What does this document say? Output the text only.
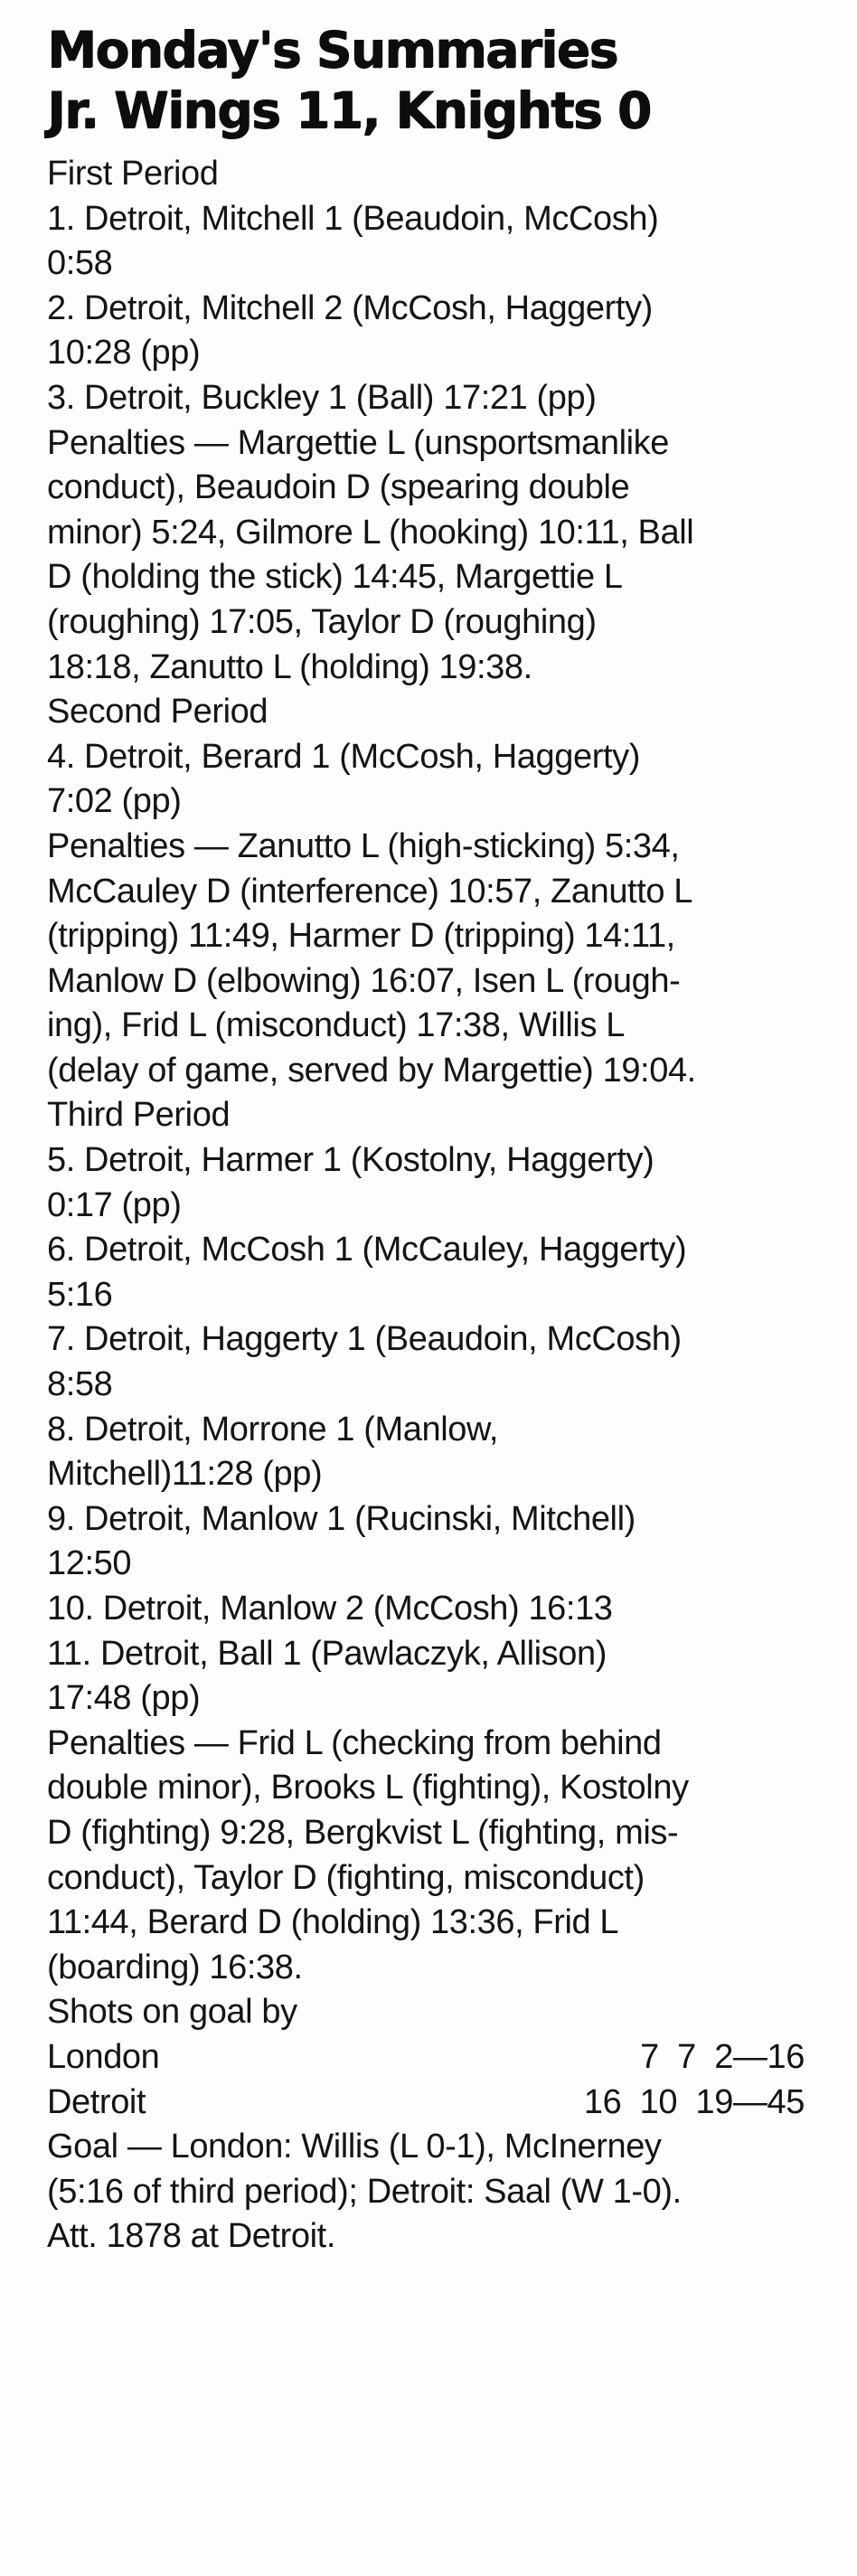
Monday's Summaries
Jr. Wings 11, Knights 0
First Period
1. Detroit, Mitchell 1 (Beaudoin, McCosh)
0:58
2. Detroit, Mitchell 2 (McCosh, Haggerty)
10:28 (pp)
3. Detroit, Buckley 1 (Ball) 17:21 (pp)
Penalties — Margettie L (unsportsmanlike
conduct), Beaudoin D (spearing double
minor) 5:24, Gilmore L (hooking) 10:11, Ball
D (holding the stick) 14:45, Margettie L
(roughing) 17:05, Taylor D (roughing)
18:18, Zanutto L (holding) 19:38.
Second Period
4. Detroit, Berard 1 (McCosh, Haggerty)
7:02 (pp)
Penalties — Zanutto L (high-sticking) 5:34,
McCauley D (interference) 10:57, Zanutto L
(tripping) 11:49, Harmer D (tripping) 14:11,
Manlow D (elbowing) 16:07, Isen L (rough-
ing), Frid L (misconduct) 17:38, Willis L
(delay of game, served by Margettie) 19:04.
Third Period
5. Detroit, Harmer 1 (Kostolny, Haggerty)
0:17 (pp)
6. Detroit, McCosh 1 (McCauley, Haggerty)
5:16
7. Detroit, Haggerty 1 (Beaudoin, McCosh)
8:58
8. Detroit, Morrone 1 (Manlow,
Mitchell)11:28 (pp)
9. Detroit, Manlow 1 (Rucinski, Mitchell)
12:50
10. Detroit, Manlow 2 (McCosh) 16:13
11. Detroit, Ball 1 (Pawlaczyk, Allison)
17:48 (pp)
Penalties — Frid L (checking from behind
double minor), Brooks L (fighting), Kostolny
D (fighting) 9:28, Bergkvist L (fighting, mis-
conduct), Taylor D (fighting, misconduct)
11:44, Berard D (holding) 13:36, Frid L
(boarding) 16:38.
Shots on goal by
London	7  7  2—16
Detroit	16  10  19—45
Goal — London: Willis (L 0-1), McInerney
(5:16 of third period); Detroit: Saal (W 1-0).
Att. 1878 at Detroit.
